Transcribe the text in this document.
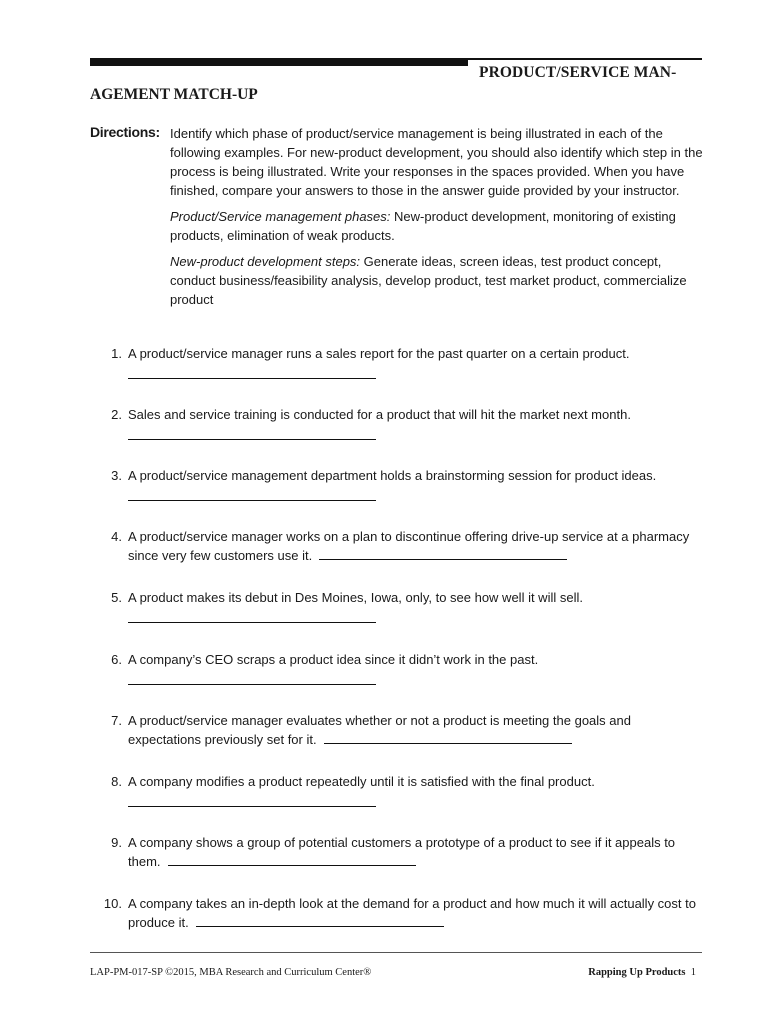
PRODUCT/SERVICE MAN-
AGEMENT MATCH-UP
Directions: Identify which phase of product/service management is being illustrated in each of the following examples. For new-product development, you should also identify which step in the process is being illustrated. Write your responses in the spaces provided. When you have finished, compare your answers to those in the answer guide provided by your instructor.

Product/Service management phases: New-product development, monitoring of existing products, elimination of weak products.

New-product development steps: Generate ideas, screen ideas, test product concept, conduct business/feasibility analysis, develop product, test market product, commercialize product

1. A product/service manager runs a sales report for the past quarter on a certain product.
2. Sales and service training is conducted for a product that will hit the market next month.
3. A product/service management department holds a brainstorming session for product ideas.
4. A product/service manager works on a plan to discontinue offering drive-up service at a pharmacy since very few customers use it.
5. A product makes its debut in Des Moines, Iowa, only, to see how well it will sell.
6. A company’s CEO scraps a product idea since it didn’t work in the past.
7. A product/service manager evaluates whether or not a product is meeting the goals and expectations previously set for it.
8. A company modifies a product repeatedly until it is satisfied with the final product.
9. A company shows a group of potential customers a prototype of a product to see if it appeals to them.
10. A company takes an in-depth look at the demand for a product and how much it will actually cost to produce it.
LAP-PM-017-SP ©2015, MBA Research and Curriculum Center®	Rapping Up Products 1
